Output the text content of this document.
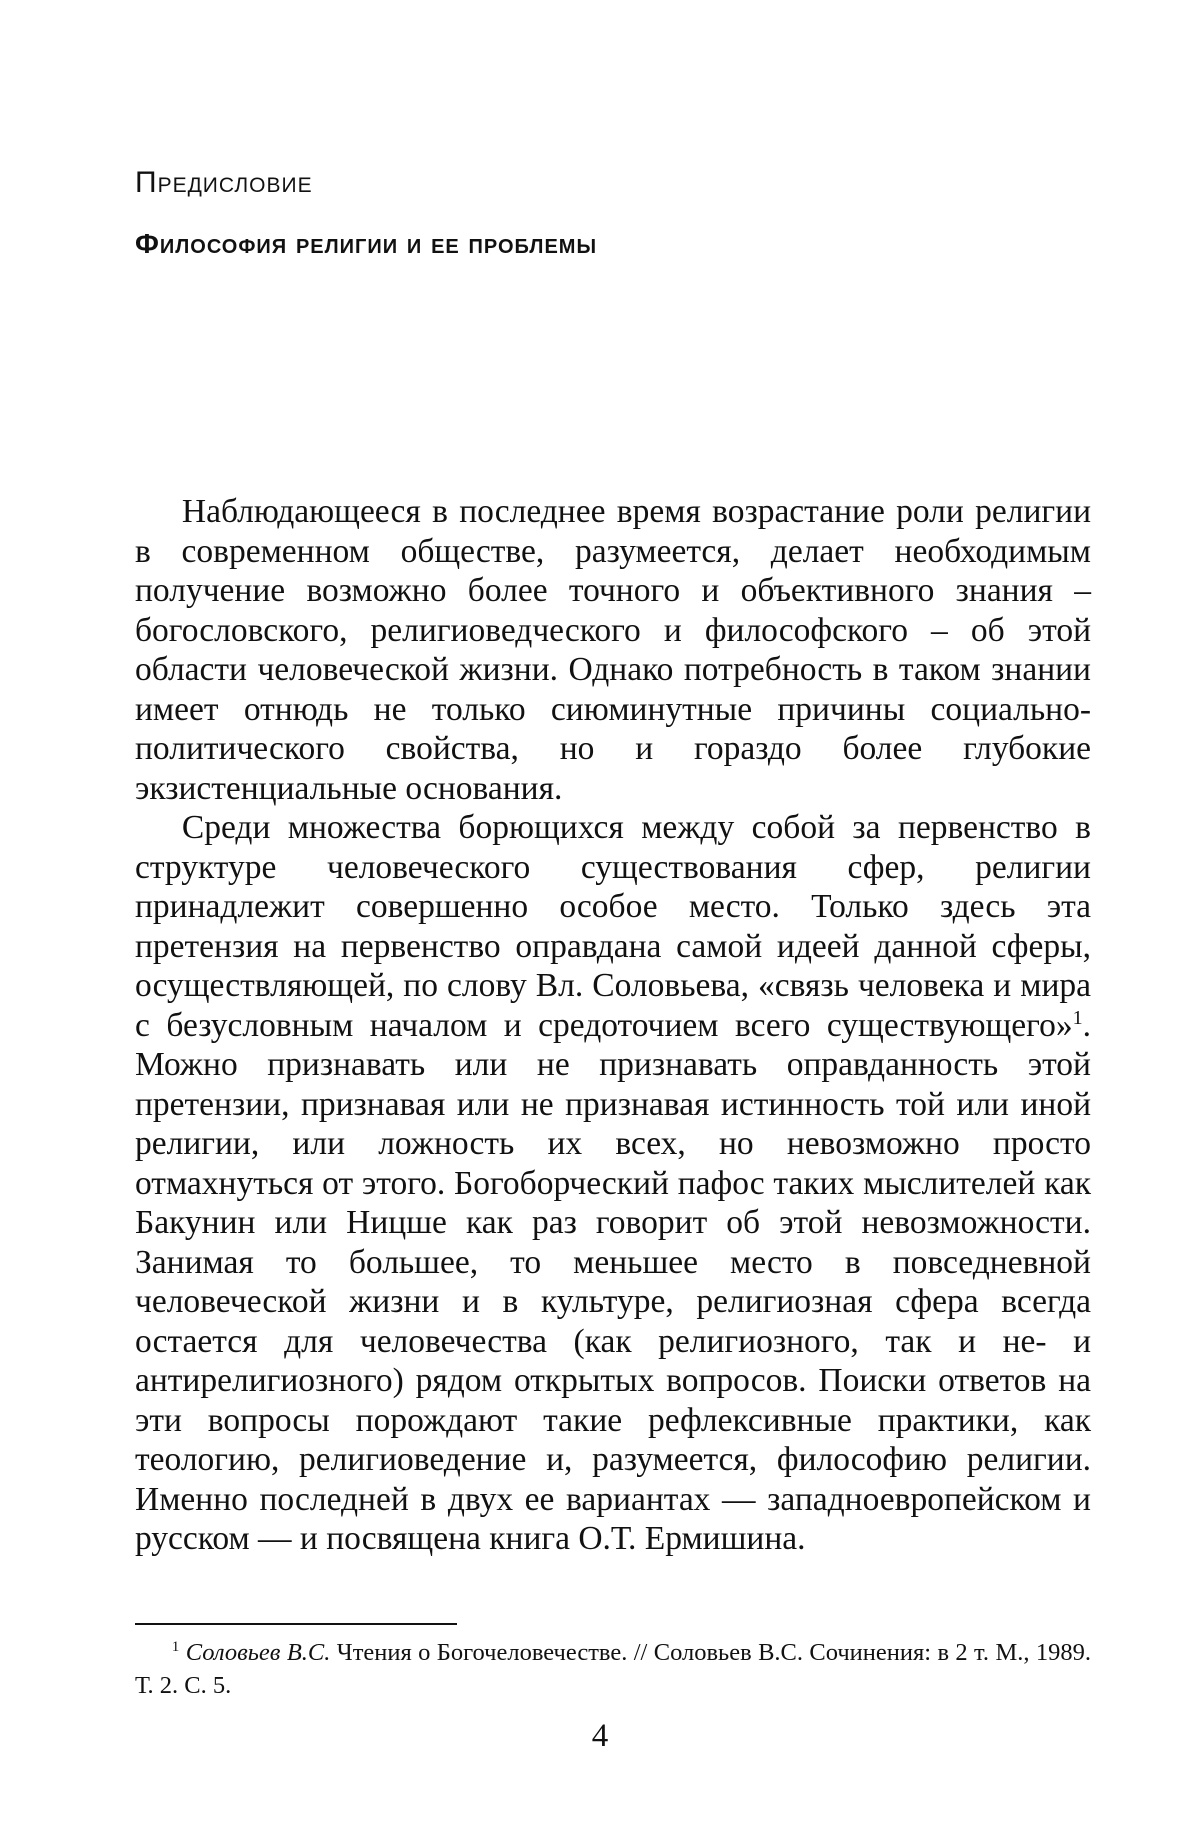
Предисловие
Философия религии и ее проблемы

Наблюдающееся в последнее время возрастание роли религии в современном обществе, разумеется, делает необходимым получение возможно более точного и объективного знания – богословского, религиоведческого и философского – об этой области человеческой жизни. Однако потребность в таком знании имеет отнюдь не только сиюминутные причины социально-политического свойства, но и гораздо более глубокие экзистенциальные основания.

Среди множества борющихся между собой за первенство в структуре человеческого существования сфер, религии принадлежит совершенно особое место. Только здесь эта претензия на первенство оправдана самой идеей данной сферы, осуществляющей, по слову Вл. Соловьева, «связь человека и мира с безусловным началом и средоточием всего существующего»$^1$. Можно признавать или не признавать оправданность этой претензии, признавая или не признавая истинность той или иной религии, или ложность их всех, но невозможно просто отмахнуться от этого. Богоборческий пафос таких мыслителей как Бакунин или Ницше как раз говорит об этой невозможности. Занимая то большее, то меньшее место в повседневной человеческой жизни и в культуре, религиозная сфера всегда остается для человечества (как религиозного, так и не- и антирелигиозного) рядом открытых вопросов. Поиски ответов на эти вопросы порождают такие рефлексивные практики, как теологию, религиоведение и, разумеется, философию религии. Именно последней в двух ее вариантах — западноевропейском и русском — и посвящена книга О.Т. Ермишина.

$^1$ Соловьев В.С. Чтения о Богочеловечестве. // Соловьев В.С. Сочинения: в 2 т. М., 1989. Т. 2. С. 5.
4
